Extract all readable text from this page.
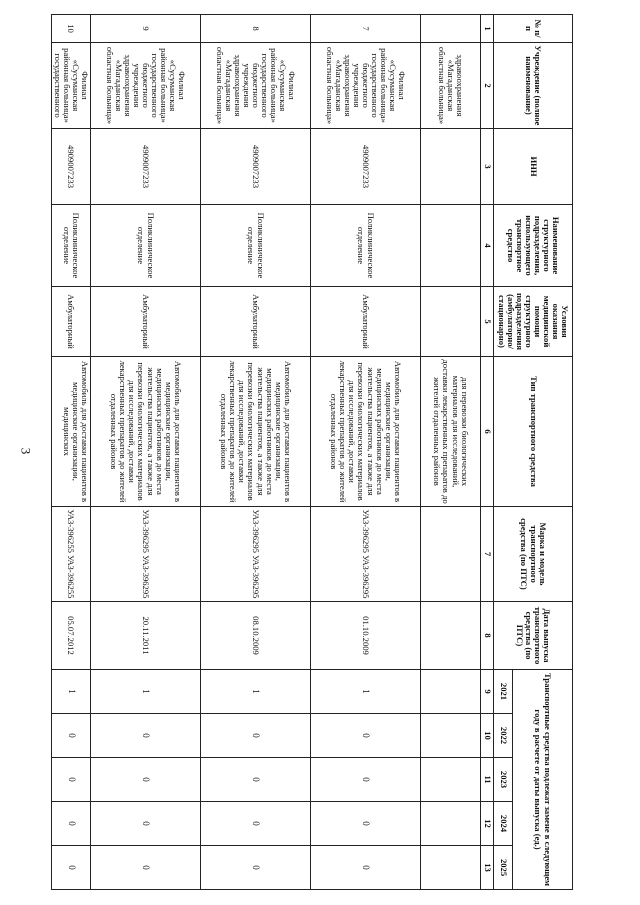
3
№ п/п	Учреждение (полное наименование)	ИНН	Наименование структурного подразделения, использующего транспортное средство	Условия оказания медицинской помощи структурного подразделения (амбулаторно/ стационарно)	Тип транспортного средства	Марка и модель транспортного средства (по ПТС)	Дата выпуска транспортного средства (по ПТС)	Транспортные средства подлежат замене в следующем году в расчете от даты выпуска (ед.)				
								2021	2022	2023	2024	2025
1	2	3	4	5	6	7	8	9	10	11	12	13
	здравоохранения «Магаданская областная больница»				для перевозки биологических материалов для исследований, доставки лекарственных препаратов до жителей отдаленных районов							
7	Филиал «Сусуманская районная больница» государственного бюджетного учреждения здравоохранения «Магаданская областная больница»	4909007233	Поликлиническое отделение	Амбулаторный	Автомобиль для доставки пациентов в медицинские организации, медицинских работников до места жительства пациентов, а также для перевозки биологических материалов для исследований, доставки лекарственных препаратов до жителей отдаленных районов	УАЗ-396295 УАЗ-396295	01.10.2009	1	0	0	0	0
8	Филиал «Сусуманская районная больница» государственного бюджетного учреждения здравоохранения «Магаданская областная больница»	4909007233	Поликлиническое отделение	Амбулаторный	Автомобиль для доставки пациентов в медицинские организации, медицинских работников до места жительства пациентов, а также для перевозки биологических материалов для исследований, доставки лекарственных препаратов до жителей отдаленных районов	УАЗ-396295 УАЗ-396295	08.10.2009	1	0	0	0	0
9	Филиал «Сусуманская районная больница» государственного бюджетного учреждения здравоохранения «Магаданская областная больница»	4909007233	Поликлиническое отделение	Амбулаторный	Автомобиль для доставки пациентов в медицинские организации, медицинских работников до места жительства пациентов, а также для перевозки биологических материалов для исследований, доставки лекарственных препаратов до жителей отдаленных районов	УАЗ-396295 УАЗ-396295	20.11.2011	1	0	0	0	0
10	Филиал «Сусуманская районная больница» государственного	4909007233	Поликлиническое отделение	Амбулаторный	Автомобиль для доставки пациентов в медицинские организации, медицинских	УАЗ-396255 УАЗ-396255	05.07.2012	1	0	0	0	0
